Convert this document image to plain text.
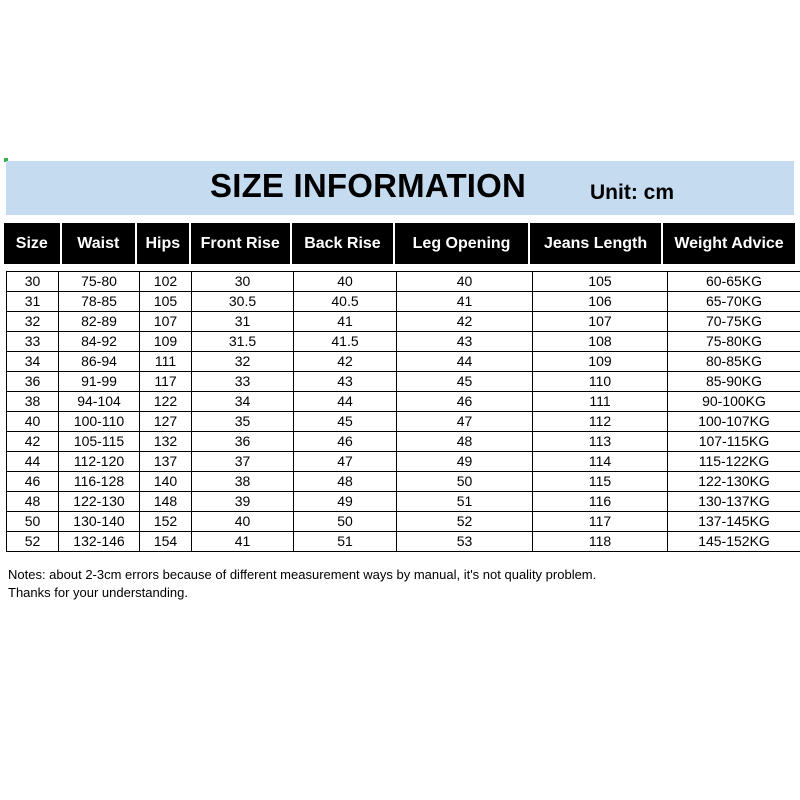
SIZE INFORMATION	Unit: cm
Size	Waist	Hips	Front Rise	Back Rise	Leg Opening	Jeans Length	Weight Advice
30	75-80	102	30	40	40	105	60-65KG
31	78-85	105	30.5	40.5	41	106	65-70KG
32	82-89	107	31	41	42	107	70-75KG
33	84-92	109	31.5	41.5	43	108	75-80KG
34	86-94	111	32	42	44	109	80-85KG
36	91-99	117	33	43	45	110	85-90KG
38	94-104	122	34	44	46	111	90-100KG
40	100-110	127	35	45	47	112	100-107KG
42	105-115	132	36	46	48	113	107-115KG
44	112-120	137	37	47	49	114	115-122KG
46	116-128	140	38	48	50	115	122-130KG
48	122-130	148	39	49	51	116	130-137KG
50	130-140	152	40	50	52	117	137-145KG
52	132-146	154	41	51	53	118	145-152KG
Notes: about 2-3cm errors because of different measurement ways by manual, it's not quality problem.
Thanks for your understanding.
